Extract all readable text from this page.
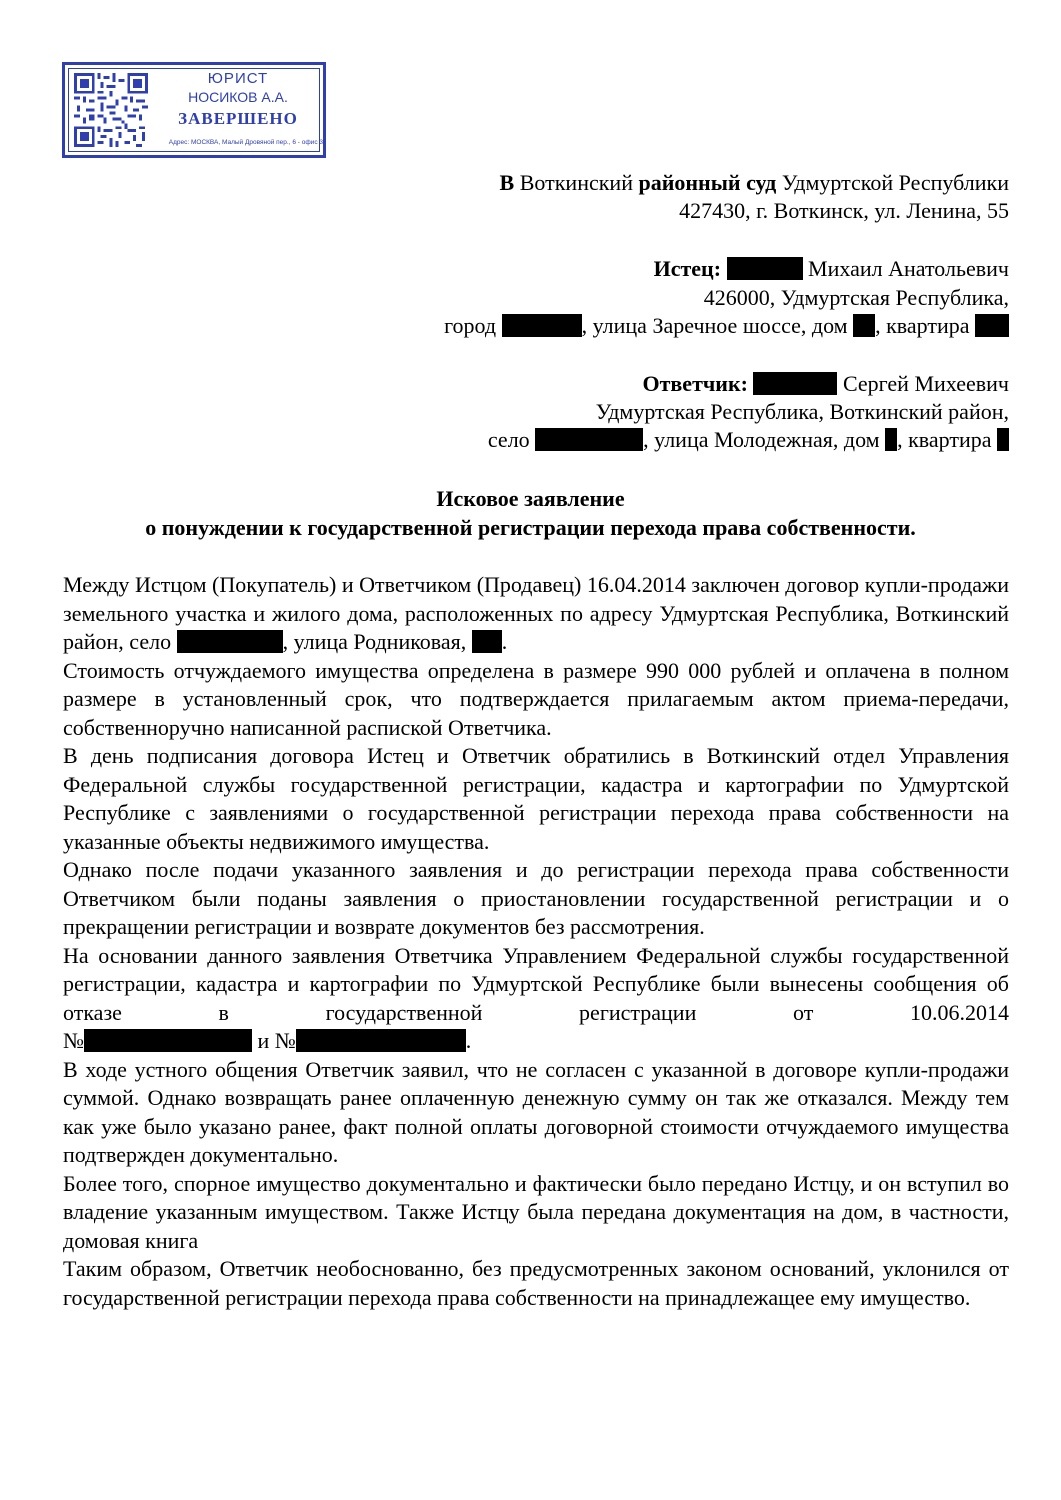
ЮРИСТ
НОСИКОВ А.А.
ЗАВЕРШЕНО
Адрес: МОСКВА, Малый Дровяной пер., 6 - офис 3
В Воткинский районный суд Удмуртской Республики
427430, г. Воткинск, ул. Ленина, 55
Истец:	Михаил Анатольевич
426000, Удмуртская Республика,
город	, улица Заречное шоссе, дом , квартира
Ответчик:	Сергей Михеевич
Удмуртская Республика, Воткинский район,
село	, улица Молодежная, дом , квартира
Исковое заявление
о понуждении к государственной регистрации перехода права собственности.

Между Истцом (Покупатель) и Ответчиком (Продавец) 16.04.2014 заключен договор купли-продажи земельного участка и жилого дома, расположенных по адресу Удмуртская Республика, Воткинский район, село	, улица Родниковая, .

Стоимость отчуждаемого имущества определена в размере 990 000 рублей и оплачена в полном размере в установленный срок, что подтверждается прилагаемым актом приема-передачи, собственноручно написанной распиской Ответчика.

В день подписания договора Истец и Ответчик обратились в Воткинский отдел Управления Федеральной службы государственной регистрации, кадастра и картографии по Удмуртской Республике с заявлениями о государственной регистрации перехода права собственности на указанные объекты недвижимого имущества.

Однако после подачи указанного заявления и до регистрации перехода права собственности Ответчиком были поданы заявления о приостановлении государственной регистрации и о прекращении регистрации и возврате документов без рассмотрения.

На основании данного заявления Ответчика Управлением Федеральной службы государственной регистрации, кадастра и картографии по Удмуртской Республике были вынесены сообщения об отказе в государственной регистрации от 10.06.2014

№	и №	.

В ходе устного общения Ответчик заявил, что не согласен с указанной в договоре купли-продажи суммой. Однако возвращать ранее оплаченную денежную сумму он так же отказался. Между тем как уже было указано ранее, факт полной оплаты договорной стоимости отчуждаемого имущества подтвержден документально.

Более того, спорное имущество документально и фактически было передано Истцу, и он вступил во владение указанным имуществом. Также Истцу была передана документация на дом, в частности, домовая книга

Таким образом, Ответчик необоснованно, без предусмотренных законом оснований, уклонился от государственной регистрации перехода права собственности на принадлежащее ему имущество.
